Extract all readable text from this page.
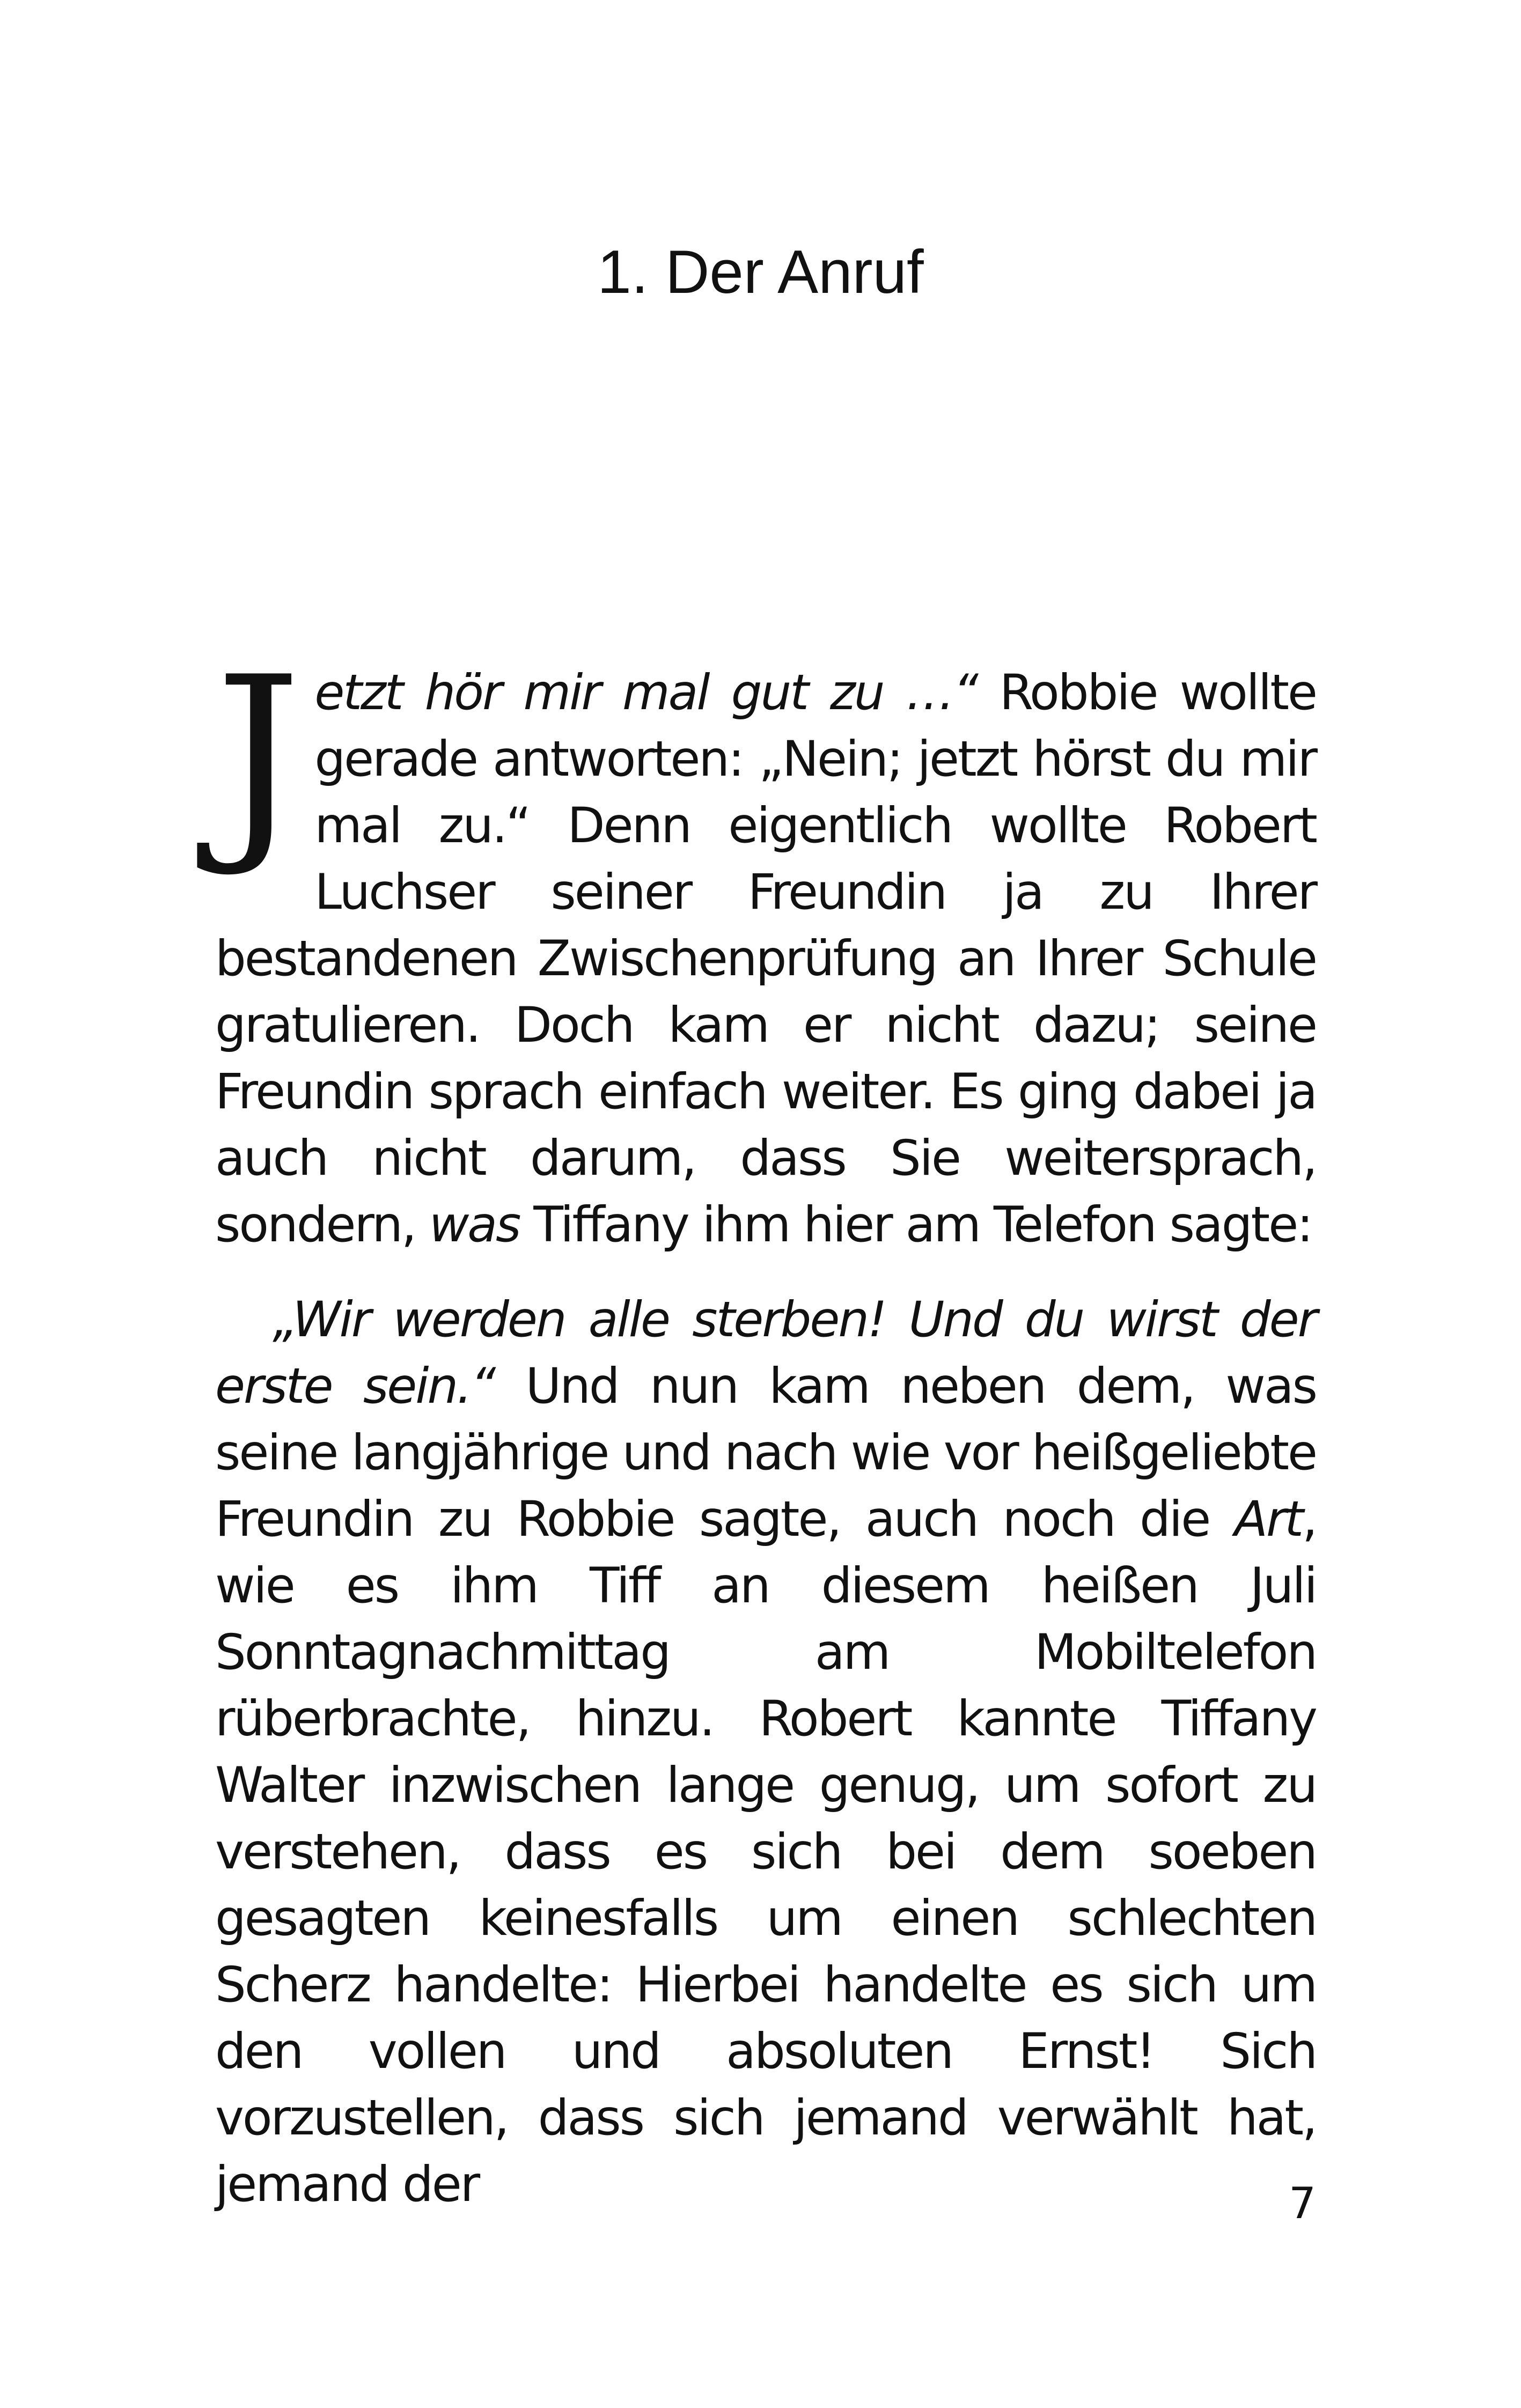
1. Der Anruf

Jetzt hör mir mal gut zu …“ Robbie wollte gerade antworten: „Nein; jetzt hörst du mir mal zu.“ Denn eigentlich wollte Robert Luchser seiner Freundin ja zu Ihrer bestandenen Zwischenprüfung an Ihrer Schule gratulieren. Doch kam er nicht dazu; seine Freundin sprach einfach weiter. Es ging dabei ja auch nicht darum, dass Sie weitersprach, sondern, was Tiffany ihm hier am Telefon sagte:

„Wir werden alle sterben! Und du wirst der erste sein.“ Und nun kam neben dem, was seine langjährige und nach wie vor heißgeliebte Freundin zu Robbie sagte, auch noch die Art, wie es ihm Tiff an diesem heißen Juli Sonntagnachmittag am Mobiltelefon rüberbrachte, hinzu. Robert kannte Tiffany Walter inzwischen lange genug, um sofort zu verstehen, dass es sich bei dem soeben gesagten keinesfalls um einen schlechten Scherz handelte: Hierbei handelte es sich um den vollen und absoluten Ernst! Sich vorzustellen, dass sich jemand verwählt hat, jemand der	7
